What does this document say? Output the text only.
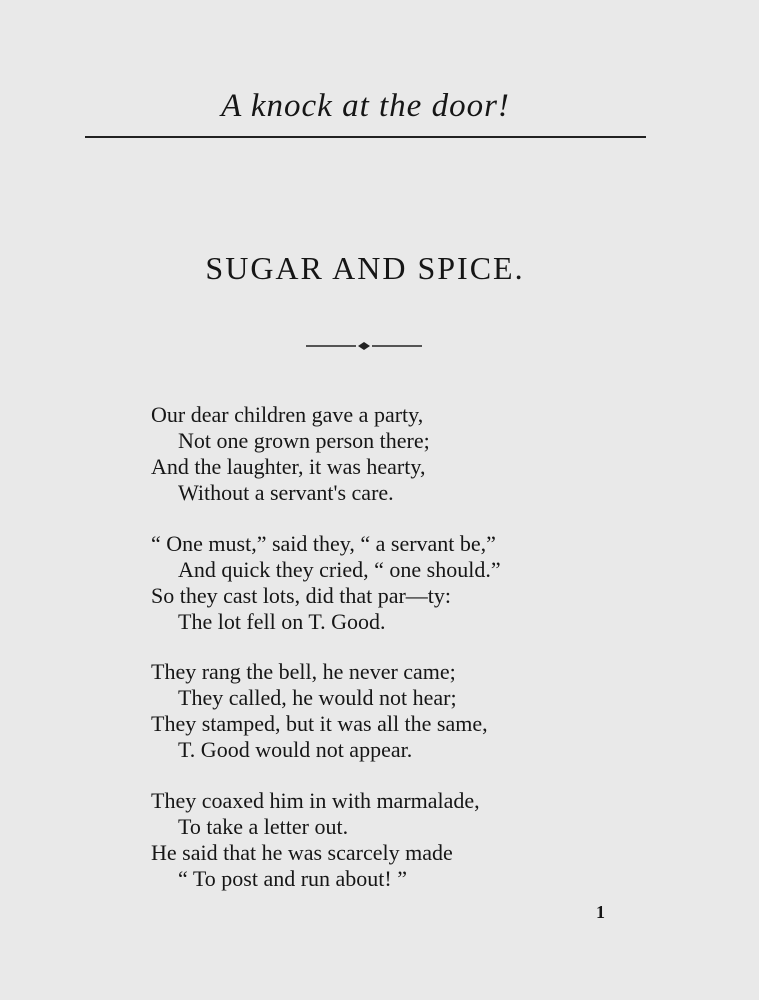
A knock at the door!
SUGAR AND SPICE.
Our dear children gave a party,
Not one grown person there;
And the laughter, it was hearty,
Without a servant's care.
“ One must,” said they, “ a servant be,”
And quick they cried, “ one should.”
So they cast lots, did that par—ty:
The lot fell on T. Good.
They rang the bell, he never came;
They called, he would not hear;
They stamped, but it was all the same,
T. Good would not appear.
They coaxed him in with marmalade,
To take a letter out.
He said that he was scarcely made
“ To post and run about! ”
1
